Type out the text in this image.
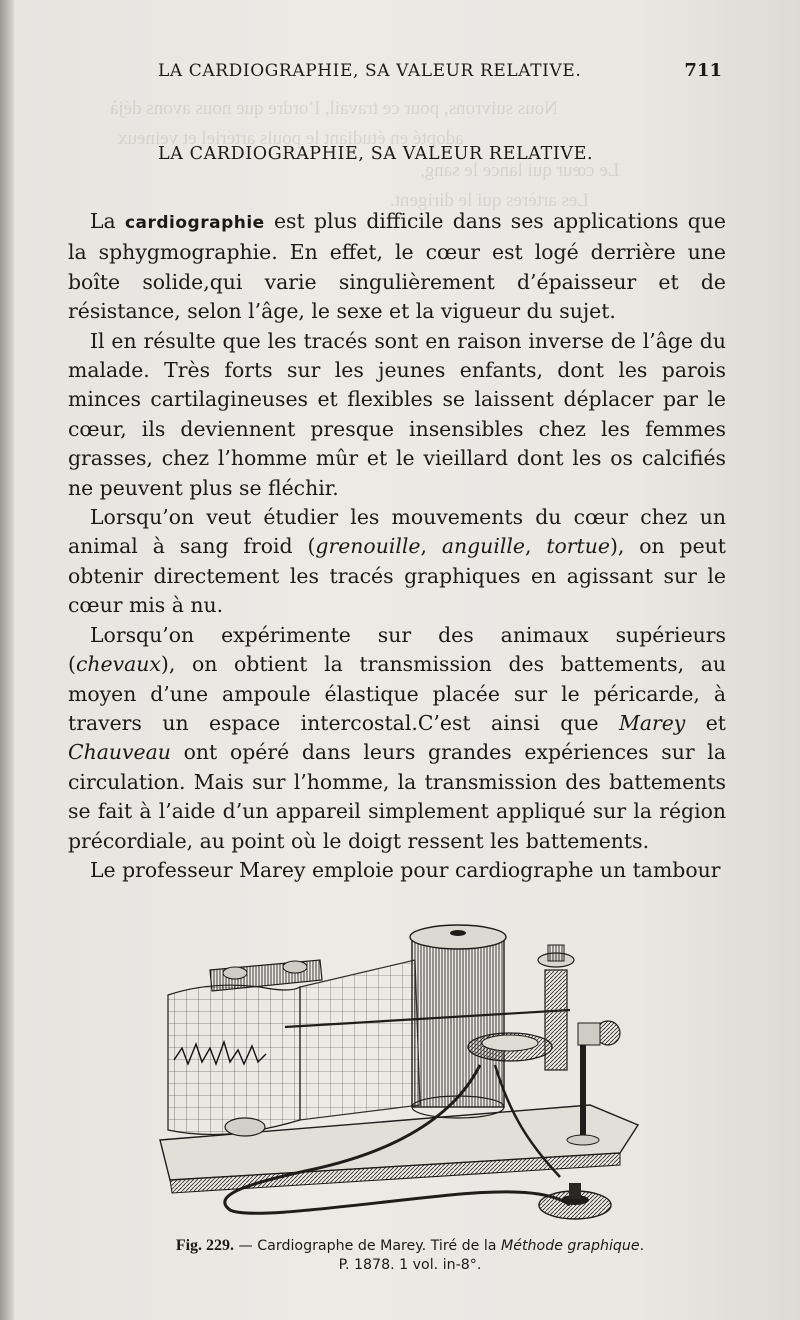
Nous suivrons, pour ce travail, l’ordre que nous avons déjà
adopté en étudiant le pouls artériel et veineux
Le cœur qui lance le sang,
Les artères qui le dirigent.
LA CARDIOGRAPHIE, SA VALEUR RELATIVE.	711
LA CARDIOGRAPHIE, SA VALEUR RELATIVE.

La cardiographie est plus difficile dans ses applications que la sphygmographie. En effet, le cœur est logé derrière une boîte solide,qui varie singulièrement d’épaisseur et de résistance, selon l’âge, le sexe et la vigueur du sujet.

Il en résulte que les tracés sont en raison inverse de l’âge du malade. Très forts sur les jeunes enfants, dont les parois minces cartilagineuses et flexibles se laissent déplacer par le cœur, ils deviennent presque insensibles chez les femmes grasses, chez l’homme mûr et le vieillard dont les os calcifiés ne peuvent plus se fléchir.

Lorsqu’on veut étudier les mouvements du cœur chez un animal à sang froid (grenouille, anguille, tortue), on peut obtenir directement les tracés graphiques en agissant sur le cœur mis à nu.

Lorsqu’on expérimente sur des animaux supérieurs (chevaux), on obtient la transmission des battements, au moyen d’une ampoule élastique placée sur le péricarde, à travers un espace intercostal.C’est ainsi que Marey et Chauveau ont opéré dans leurs grandes expériences sur la circulation. Mais sur l’homme, la transmission des battements se fait à l’aide d’un appareil simplement appliqué sur la région précordiale, au point où le doigt ressent les battements.

Le professeur Marey emploie pour cardiographe un tambour

Fig. 229. — Cardiographe de Marey. Tiré de la Méthode graphique.
P. 1878. 1 vol. in-8°.
